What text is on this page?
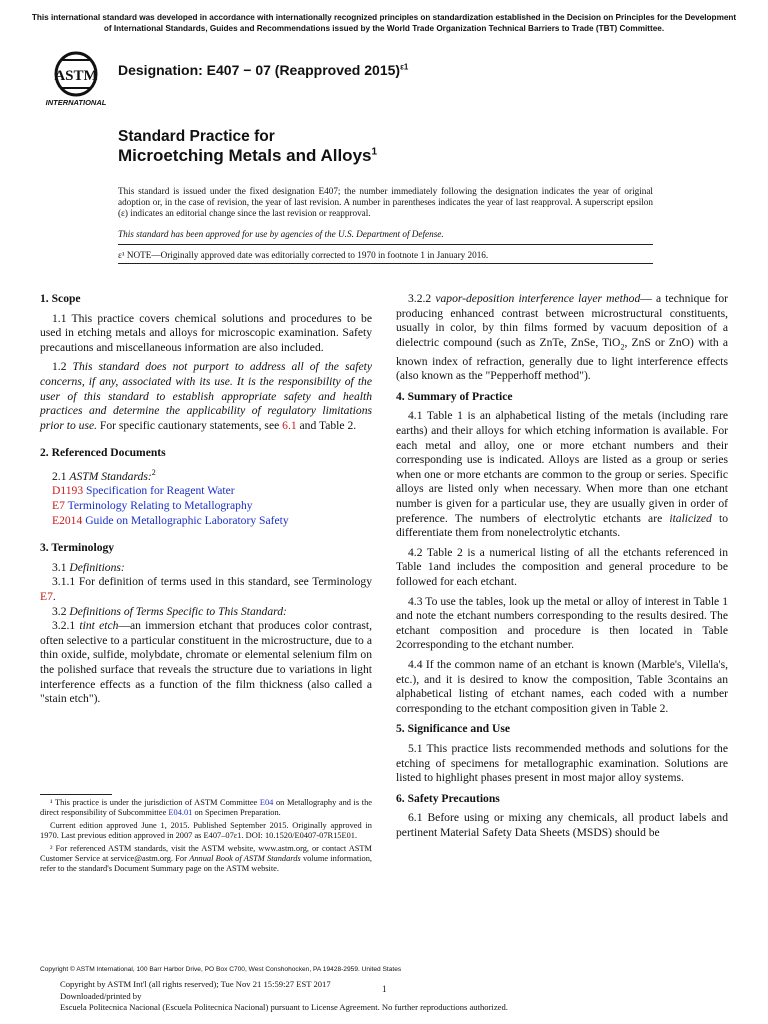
This international standard was developed in accordance with internationally recognized principles on standardization established in the Decision on Principles for the Development of International Standards, Guides and Recommendations issued by the World Trade Organization Technical Barriers to Trade (TBT) Committee.
ASTM
INTERNATIONAL
Designation: E407 − 07 (Reapproved 2015)$^{\varepsilon 1}$
Standard Practice for
Microetching Metals and Alloys$^1$
This standard is issued under the fixed designation E407; the number immediately following the designation indicates the year of original adoption or, in the case of revision, the year of last revision. A number in parentheses indicates the year of last reapproval. A superscript epsilon (ε) indicates an editorial change since the last revision or reapproval.
This standard has been approved for use by agencies of the U.S. Department of Defense.
ε¹ NOTE—Originally approved date was editorially corrected to 1970 in footnote 1 in January 2016.

1. Scope

1.1 This practice covers chemical solutions and procedures to be used in etching metals and alloys for microscopic examination. Safety precautions and miscellaneous information are also included.

1.2 This standard does not purport to address all of the safety concerns, if any, associated with its use. It is the responsibility of the user of this standard to establish appropriate safety and health practices and determine the applicability of regulatory limitations prior to use. For specific cautionary statements, see 6.1 and Table 2.

2. Referenced Documents

2.1 ASTM Standards:$^2$

D1193 Specification for Reagent Water

E7 Terminology Relating to Metallography

E2014 Guide on Metallographic Laboratory Safety

3. Terminology

3.1 Definitions:

3.1.1 For definition of terms used in this standard, see Terminology E7.

3.2 Definitions of Terms Specific to This Standard:

3.2.1 tint etch—an immersion etchant that produces color contrast, often selective to a particular constituent in the microstructure, due to a thin oxide, sulfide, molybdate, chromate or elemental selenium film on the polished surface that reveals the structure due to variations in light interference effects as a function of the film thickness (also called a "stain etch").

¹ This practice is under the jurisdiction of ASTM Committee E04 on Metallography and is the direct responsibility of Subcommittee E04.01 on Specimen Preparation.

Current edition approved June 1, 2015. Published September 2015. Originally approved in 1970. Last previous edition approved in 2007 as E407–07ε1. DOI: 10.1520/E0407-07R15E01.

² For referenced ASTM standards, visit the ASTM website, www.astm.org, or contact ASTM Customer Service at service@astm.org. For Annual Book of ASTM Standards volume information, refer to the standard's Document Summary page on the ASTM website.

3.2.2 vapor-deposition interference layer method— a technique for producing enhanced contrast between microstructural constituents, usually in color, by thin films formed by vacuum deposition of a dielectric compound (such as ZnTe, ZnSe, TiO$_2$, ZnS or ZnO) with a known index of refraction, generally due to light interference effects (also known as the "Pepperhoff method").

4. Summary of Practice

4.1 Table 1 is an alphabetical listing of the metals (including rare earths) and their alloys for which etching information is available. For each metal and alloy, one or more etchant numbers and their corresponding use is indicated. Alloys are listed as a group or series when one or more etchants are common to the group or series. Specific alloys are listed only when necessary. When more than one etchant number is given for a particular use, they are usually given in order of preference. The numbers of electrolytic etchants are italicized to differentiate them from nonelectrolytic etchants.

4.2 Table 2 is a numerical listing of all the etchants referenced in Table 1and includes the composition and general procedure to be followed for each etchant.

4.3 To use the tables, look up the metal or alloy of interest in Table 1 and note the etchant numbers corresponding to the results desired. The etchant composition and procedure is then located in Table 2corresponding to the etchant number.

4.4 If the common name of an etchant is known (Marble's, Vilella's, etc.), and it is desired to know the composition, Table 3contains an alphabetical listing of etchant names, each coded with a number corresponding to the etchant composition given in Table 2.

5. Significance and Use

5.1 This practice lists recommended methods and solutions for the etching of specimens for metallographic examination. Solutions are listed to highlight phases present in most major alloy systems.

6. Safety Precautions

6.1 Before using or mixing any chemicals, all product labels and pertinent Material Safety Data Sheets (MSDS) should be

Copyright © ASTM International, 100 Barr Harbor Drive, PO Box C700, West Conshohocken, PA 19428-2959. United States
Copyright by ASTM Int'l (all rights reserved); Tue Nov 21 15:59:27 EST 2017
Downloaded/printed by
Escuela Politecnica Nacional (Escuela Politecnica Nacional) pursuant to License Agreement. No further reproductions authorized.
1
